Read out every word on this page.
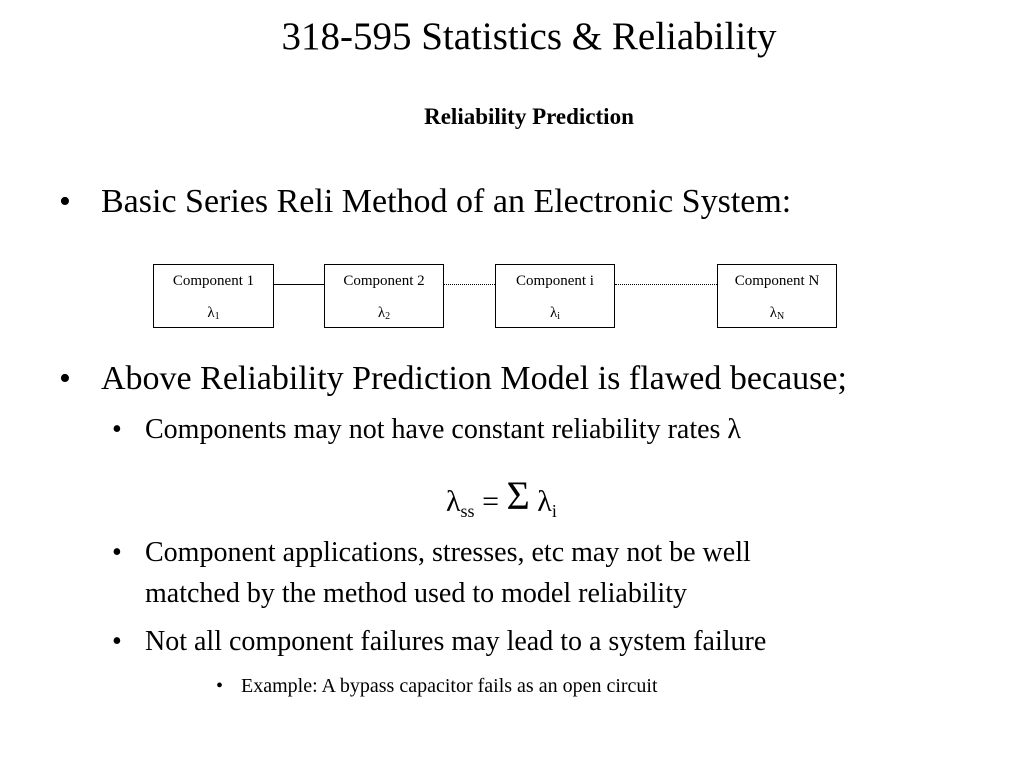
318-595 Statistics & Reliability
Reliability Prediction
• Basic Series Reli Method of an Electronic System:
Component 1
$\lambda_1$
Component 2
$\lambda_2$
Component i
$\lambda_i$
Component N
$\lambda_N$
• Above Reliability Prediction Model is flawed because;
• Components may not have constant reliability rates λ
$\lambda_{ss} = \Sigma$ $\lambda_i$
• Component applications, stresses, etc may not be well
matched by the method used to model reliability
• Not all component failures may lead to a system failure
• Example: A bypass capacitor fails as an open circuit
